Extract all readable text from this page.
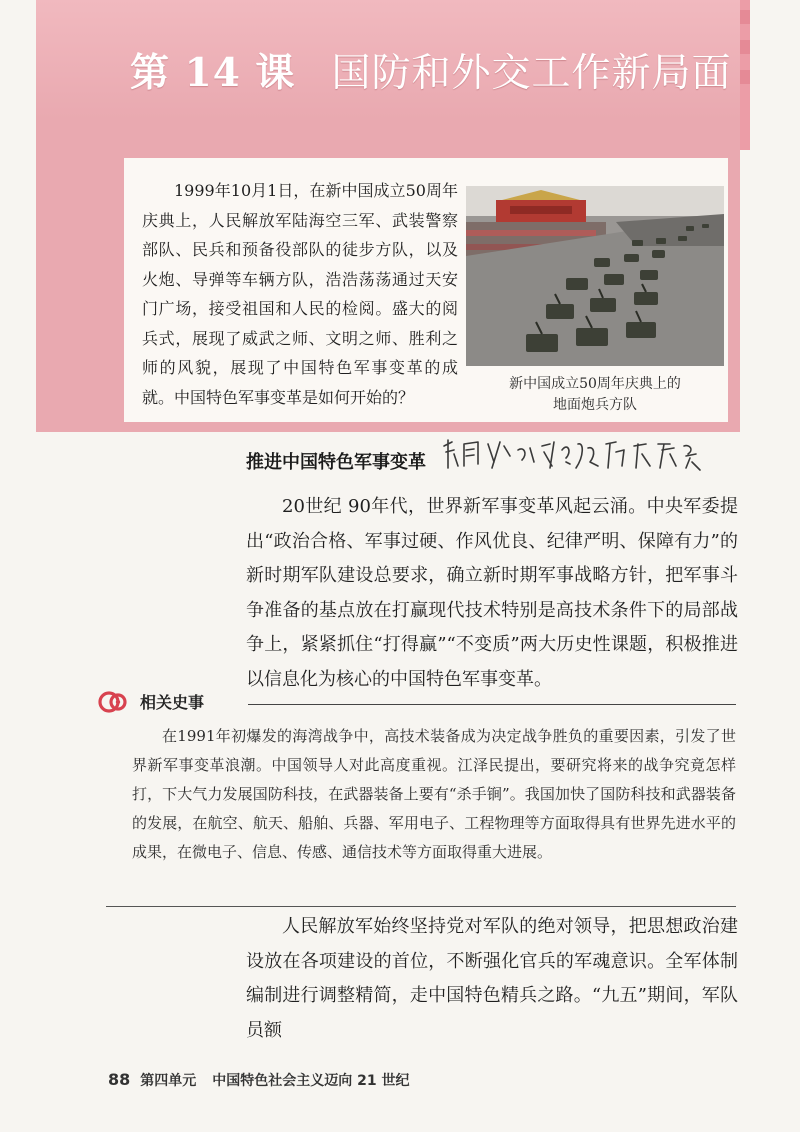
第 14 课 国防和外交工作新局面
1999年10月1日，在新中国成立50周年庆典上，人民解放军陆海空三军、武装警察部队、民兵和预备役部队的徒步方队，以及火炮、导弹等车辆方队，浩浩荡荡通过天安门广场，接受祖国和人民的检阅。盛大的阅兵式，展现了威武之师、文明之师、胜利之师的风貌，展现了中国特色军事变革的成就。中国特色军事变革是如何开始的？
新中国成立50周年庆典上的
地面炮兵方队
推进中国特色军事变革
20世纪 90年代，世界新军事变革风起云涌。中央军委提出“政治合格、军事过硬、作风优良、纪律严明、保障有力”的新时期军队建设总要求，确立新时期军事战略方针，把军事斗争准备的基点放在打赢现代技术特别是高技术条件下的局部战争上，紧紧抓住“打得赢”“不变质”两大历史性课题，积极推进以信息化为核心的中国特色军事变革。
相关史事
在1991年初爆发的海湾战争中，高技术装备成为决定战争胜负的重要因素，引发了世界新军事变革浪潮。中国领导人对此高度重视。江泽民提出，要研究将来的战争究竟怎样打，下大气力发展国防科技，在武器装备上要有“杀手锏”。我国加快了国防科技和武器装备的发展，在航空、航天、船舶、兵器、军用电子、工程物理等方面取得具有世界先进水平的成果，在微电子、信息、传感、通信技术等方面取得重大进展。
人民解放军始终坚持党对军队的绝对领导，把思想政治建设放在各项建设的首位，不断强化官兵的军魂意识。全军体制编制进行调整精简，走中国特色精兵之路。“九五”期间，军队员额
88 第四单元 中国特色社会主义迈向 21 世纪
